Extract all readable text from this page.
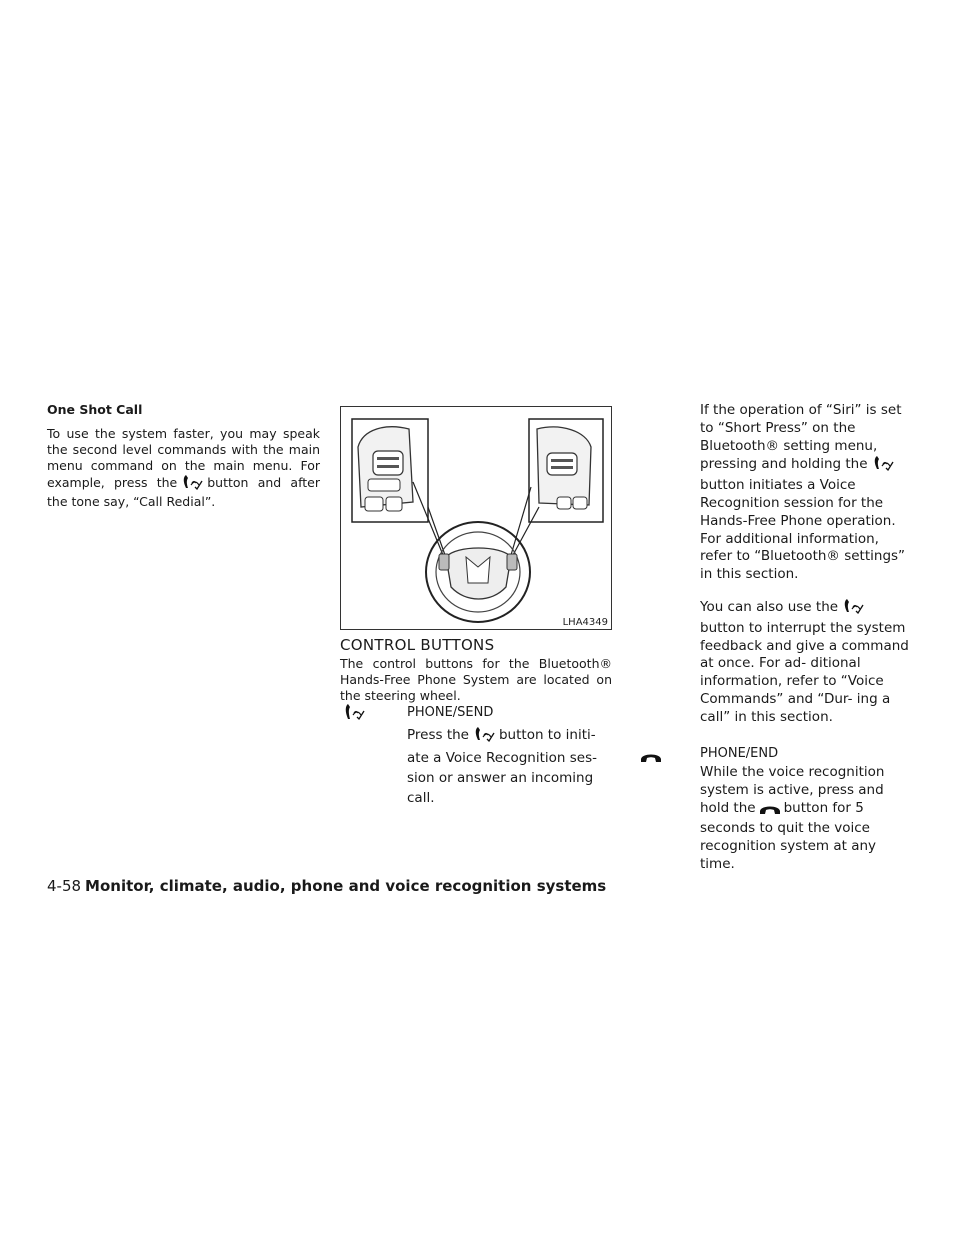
One Shot Call

To use the system faster, you may speak the second level commands with the main menu command on the main menu. For example, press the button and after the tone say, “Call Redial”.

LHA4349
CONTROL BUTTONS

The control buttons for the Bluetooth® Hands-Free Phone System are located on the steering wheel.

PHONE/SEND

Press the button to initi- ate a Voice Recognition ses- sion or answer an incoming call.

If the operation of “Siri” is set to “Short Press” on the Bluetooth® setting menu, pressing and holding thebutton initiates a Voice Recognition session for the Hands-Free Phone operation. For additional information, refer to “Bluetooth® settings” in this section.

You can also use thebutton to interrupt the system feedback and give a command at once. For ad- ditional information, refer to “Voice Commands” and “Dur- ing a call” in this section.

PHONE/END

While the voice recognition system is active, press and hold the button for 5 seconds to quit the voice recognition system at any time.

4-58 Monitor, climate, audio, phone and voice recognition systems
